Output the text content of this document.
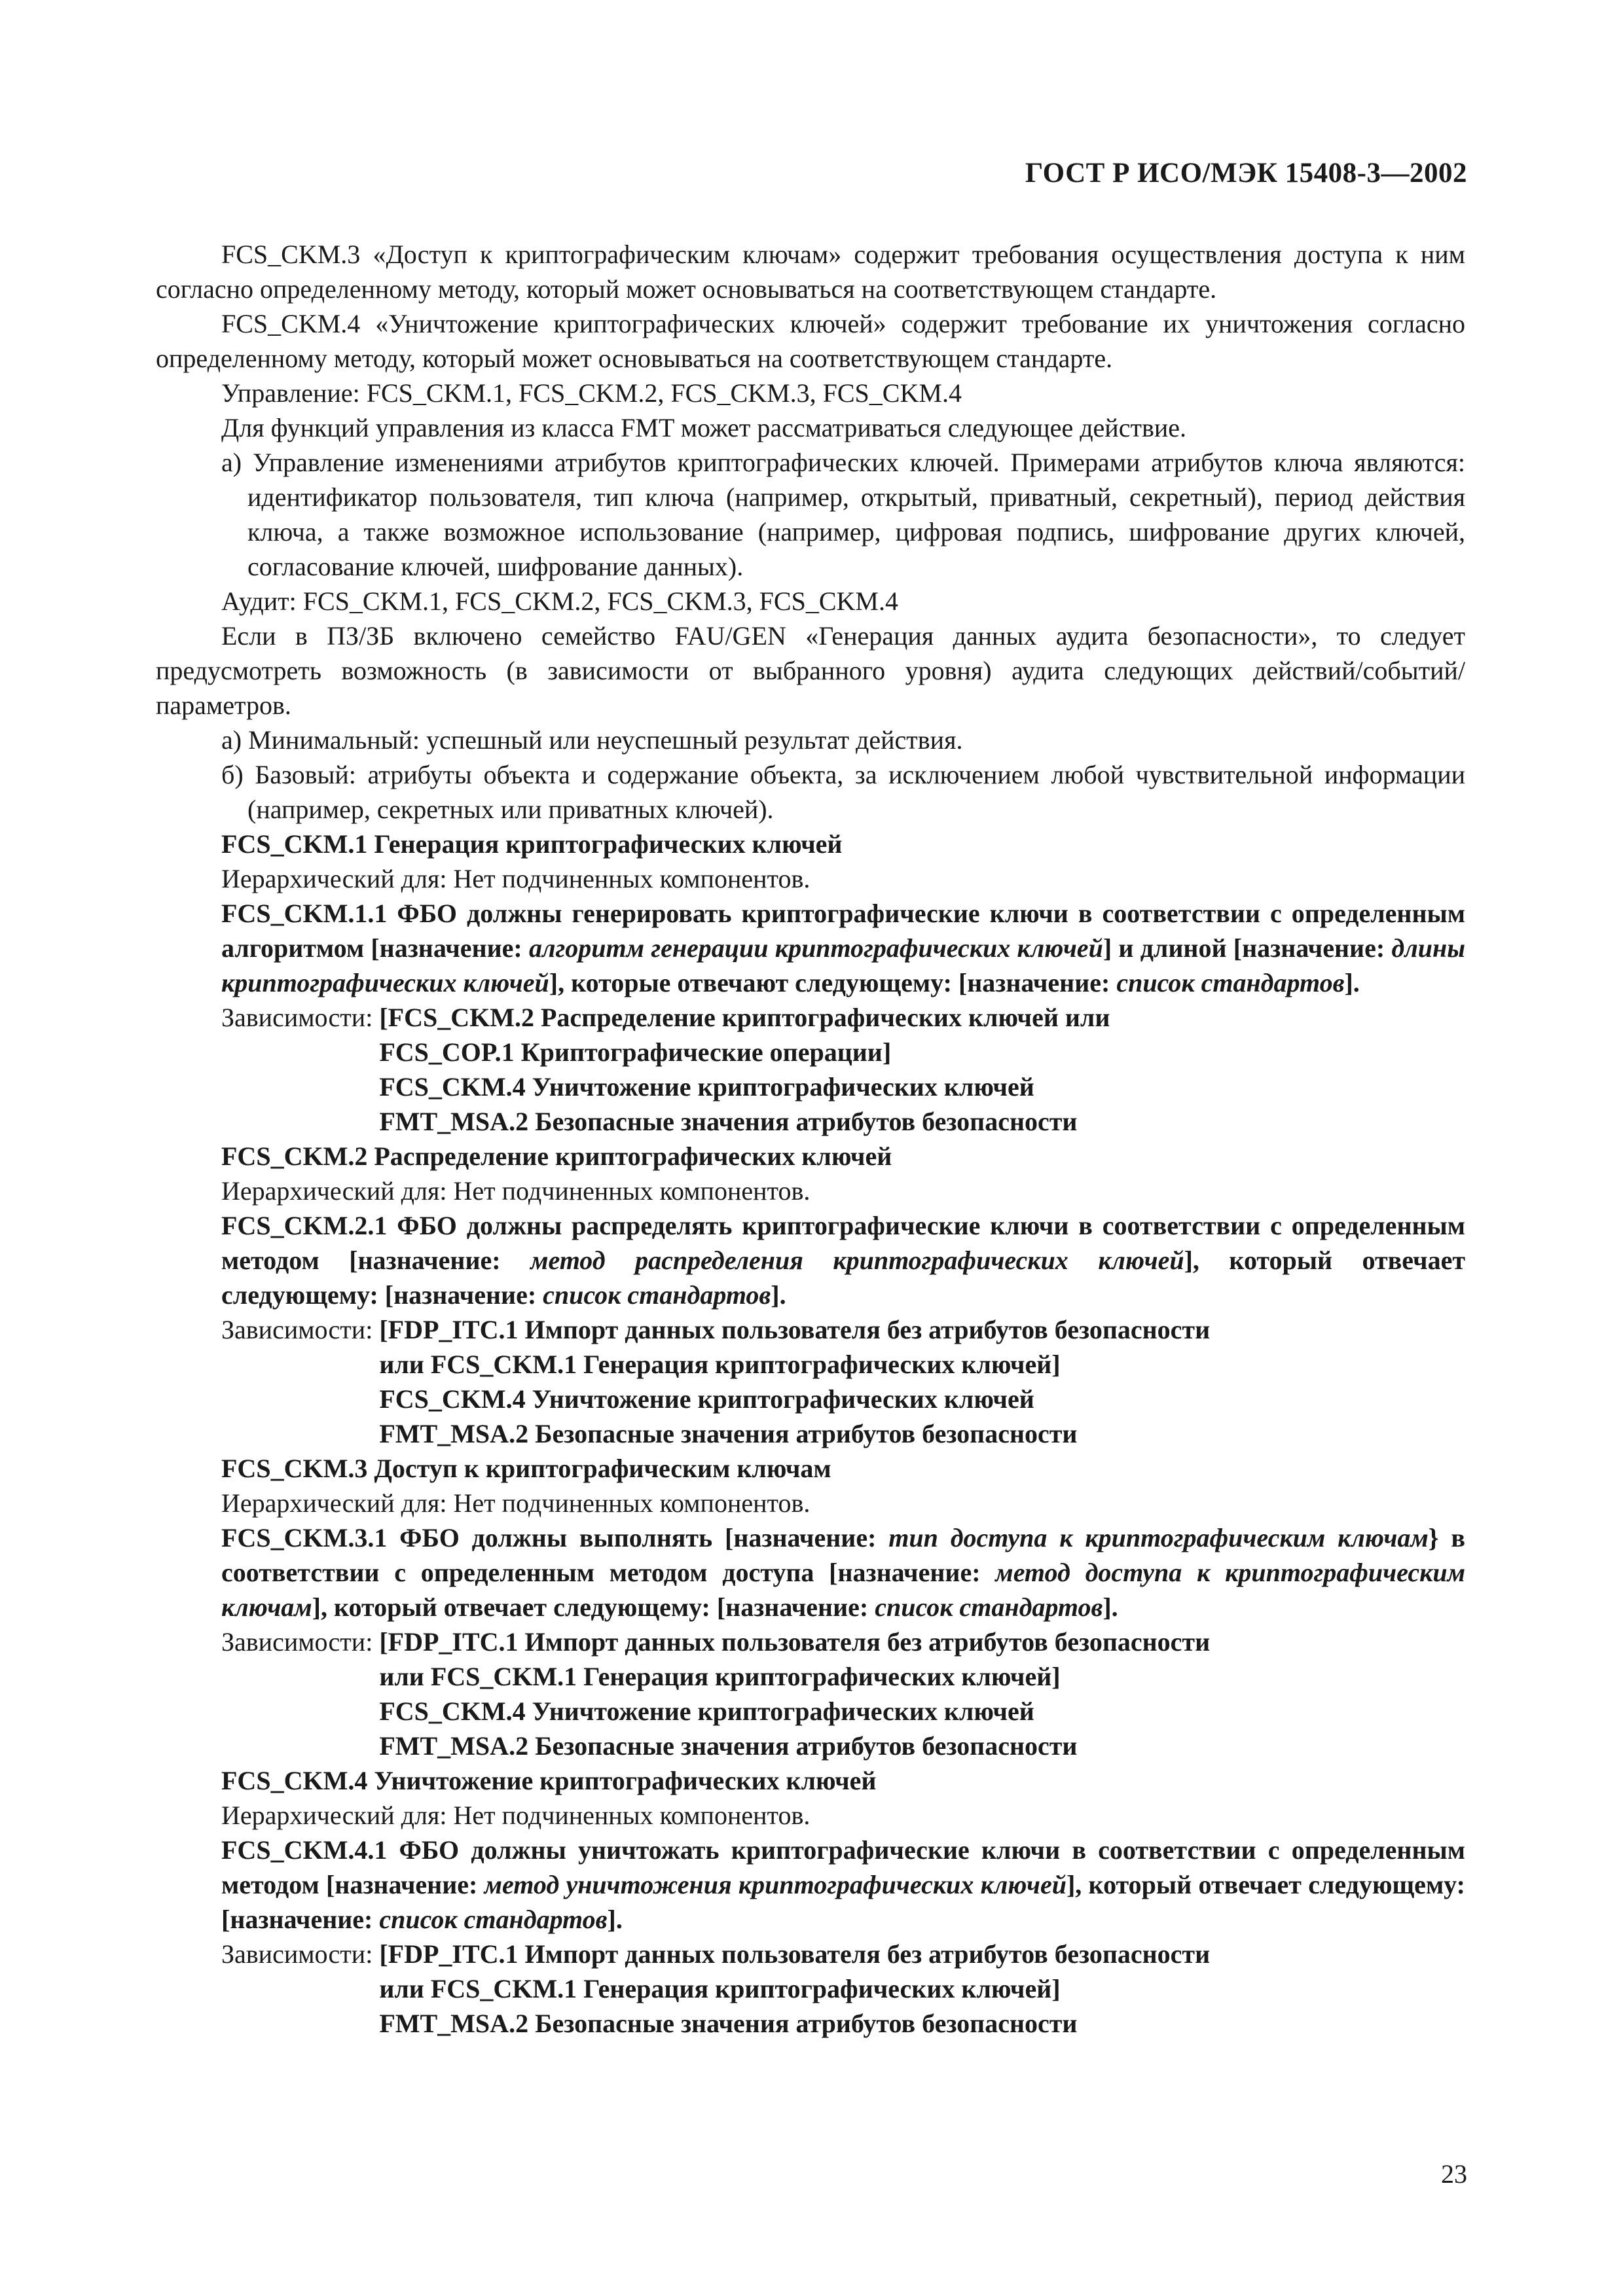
ГОСТ Р ИСО/МЭК 15408-3—2002

FCS_CKM.3 «Доступ к криптографическим ключам» содержит требования осуществления доступа к ним согласно определенному методу, который может основываться на соответствующем стандарте.

FCS_CKM.4 «Уничтожение криптографических ключей» содержит требование их уничтожения согласно определенному методу, который может основываться на соответствующем стандарте.

Управление: FCS_CKM.1, FCS_CKM.2, FCS_CKM.3, FCS_CKM.4

Для функций управления из класса FMT может рассматриваться следующее действие.

а) Управление изменениями атрибутов криптографических ключей. Примерами атрибутов ключа являются: идентификатор пользователя, тип ключа (например, открытый, приватный, секретный), период действия ключа, а также возможное использование (например, цифровая подпись, шифрование других ключей, согласование ключей, шифрование данных).

Аудит: FCS_CKM.1, FCS_CKM.2, FCS_CKM.3, FCS_CKM.4

Если в ПЗ/ЗБ включено семейство FAU/GEN «Генерация данных аудита безопасности», то следует предусмотреть возможность (в зависимости от выбранного уровня) аудита следующих действий/событий/параметров.

а) Минимальный: успешный или неуспешный результат действия.

б) Базовый: атрибуты объекта и содержание объекта, за исключением любой чувствительной информации (например, секретных или приватных ключей).

FCS_CKM.1 Генерация криптографических ключей

Иерархический для: Нет подчиненных компонентов.

FCS_CKM.1.1 ФБО должны генерировать криптографические ключи в соответствии с определенным алгоритмом [назначение: алгоритм генерации криптографических ключей] и длиной [назначение: длины криптографических ключей], которые отвечают следующему: [назначение: список стандартов].

Зависимости: [FCS_CKM.2 Распределение криптографических ключей или
FCS_COP.1 Криптографические операции]
FCS_CKM.4 Уничтожение криптографических ключей
FMT_MSA.2 Безопасные значения атрибутов безопасности

FCS_CKM.2 Распределение криптографических ключей

Иерархический для: Нет подчиненных компонентов.

FCS_CKM.2.1 ФБО должны распределять криптографические ключи в соответствии с определенным методом [назначение: метод распределения криптографических ключей], который отвечает следующему: [назначение: список стандартов].

Зависимости: [FDP_ITC.1 Импорт данных пользователя без атрибутов безопасности
или FCS_CKM.1 Генерация криптографических ключей]
FCS_CKM.4 Уничтожение криптографических ключей
FMT_MSA.2 Безопасные значения атрибутов безопасности

FCS_CKM.3 Доступ к криптографическим ключам

Иерархический для: Нет подчиненных компонентов.

FCS_CKM.3.1 ФБО должны выполнять [назначение: тип доступа к криптографическим ключам} в соответствии с определенным методом доступа [назначение: метод доступа к криптографическим ключам], который отвечает следующему: [назначение: список стандартов].

Зависимости: [FDP_ITC.1 Импорт данных пользователя без атрибутов безопасности
или FCS_CKM.1 Генерация криптографических ключей]
FCS_CKM.4 Уничтожение криптографических ключей
FMT_MSA.2 Безопасные значения атрибутов безопасности

FCS_CKM.4 Уничтожение криптографических ключей

Иерархический для: Нет подчиненных компонентов.

FCS_CKM.4.1 ФБО должны уничтожать криптографические ключи в соответствии с определенным методом [назначение: метод уничтожения криптографических ключей], который отвечает следующему: [назначение: список стандартов].

Зависимости: [FDP_ITC.1 Импорт данных пользователя без атрибутов безопасности
или FCS_CKM.1 Генерация криптографических ключей]
FMT_MSA.2 Безопасные значения атрибутов безопасности
23
